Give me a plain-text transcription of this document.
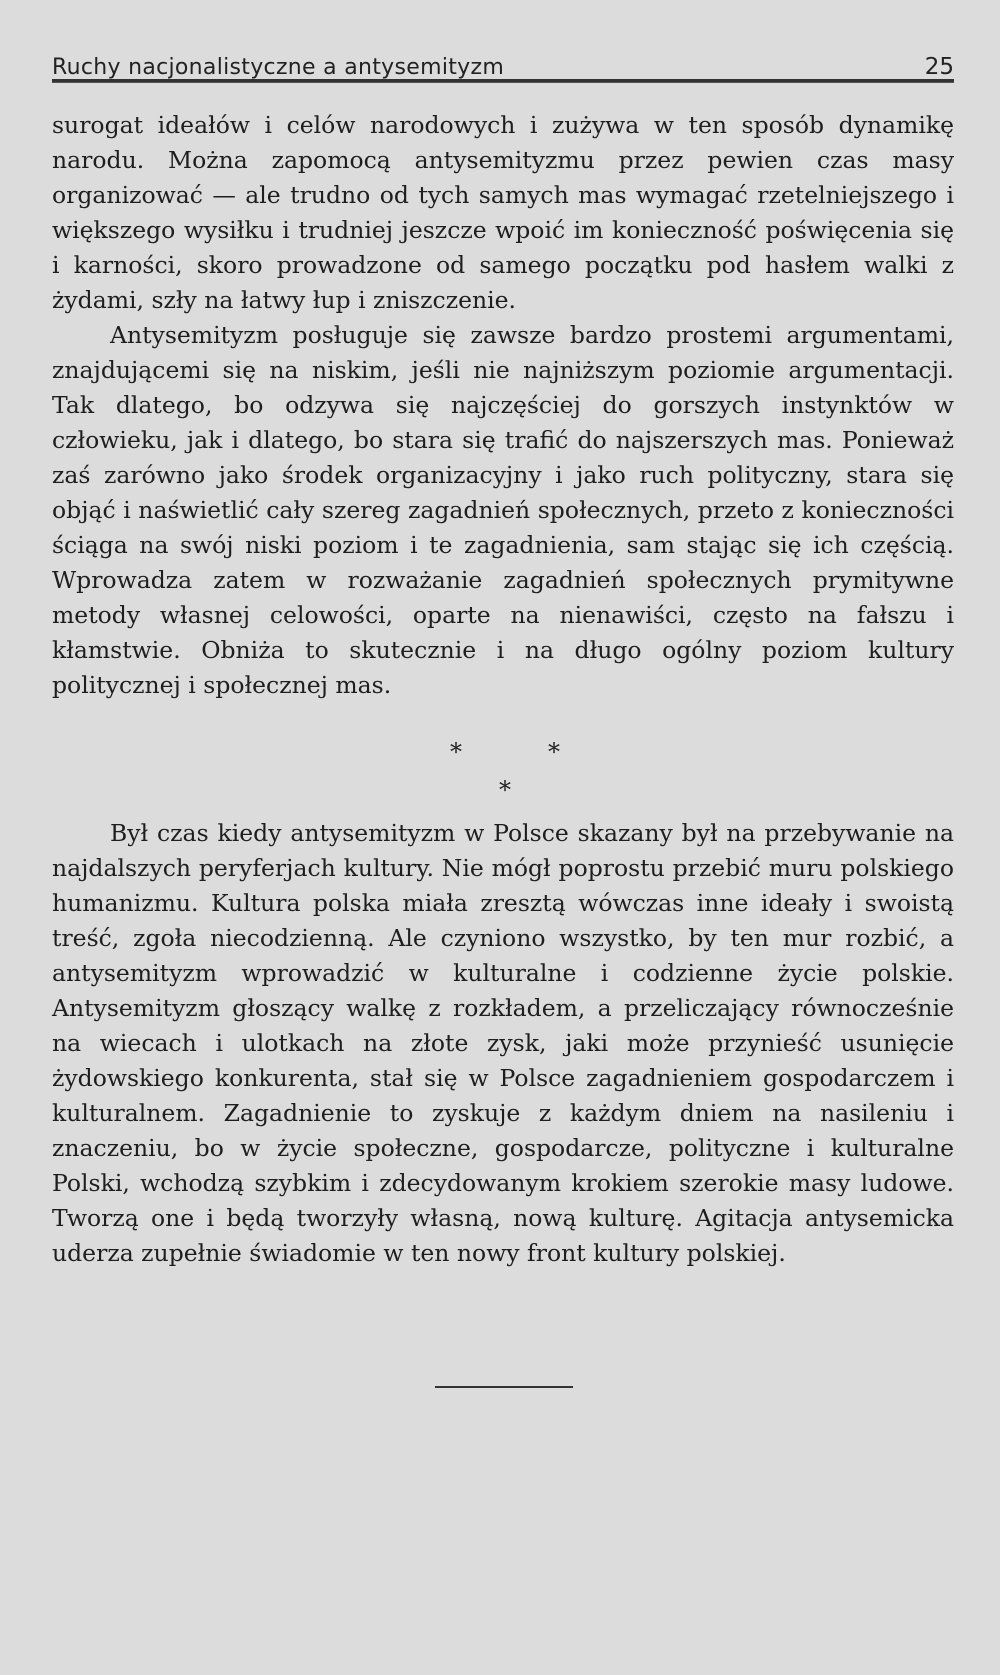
Ruchy nacjonalistyczne a antysemityzm	25

surogat ideałów i celów narodowych i zużywa w ten sposób dynamikę narodu. Można zapomocą antysemityzmu przez pewien czas masy organizować — ale trudno od tych samych mas wymagać rzetelniejszego i większego wysiłku i trudniej jeszcze wpoić im konieczność poświęcenia się i karności, skoro prowadzone od samego początku pod hasłem walki z żydami, szły na łatwy łup i zniszczenie.

Antysemityzm posługuje się zawsze bardzo prostemi argumentami, znajdującemi się na niskim, jeśli nie najniższym poziomie argumentacji. Tak dlatego, bo odzywa się najczęściej do gorszych instynktów w człowieku, jak i dlatego, bo stara się trafić do najszerszych mas. Ponieważ zaś zarówno jako środek organizacyjny i jako ruch polityczny, stara się objąć i naświetlić cały szereg zagadnień społecznych, przeto z konieczności ściąga na swój niski poziom i te zagadnienia, sam stając się ich częścią. Wprowadza zatem w rozważanie zagadnień społecznych prymitywne metody własnej celowości, oparte na nienawiści, często na fałszu i kłamstwie. Obniża to skutecznie i na długo ogólny poziom kultury politycznej i społecznej mas.

*	*
*

Był czas kiedy antysemityzm w Polsce skazany był na przebywanie na najdalszych peryferjach kultury. Nie mógł poprostu przebić muru polskiego humanizmu. Kultura polska miała zresztą wówczas inne ideały i swoistą treść, zgoła niecodzienną. Ale czyniono wszystko, by ten mur rozbić, a antysemityzm wprowadzić w kulturalne i codzienne życie polskie. Antysemityzm głoszący walkę z rozkładem, a przeliczający równocześnie na wiecach i ulotkach na złote zysk, jaki może przynieść usunięcie żydowskiego konkurenta, stał się w Polsce zagadnieniem gospodarczem i kulturalnem. Zagadnienie to zyskuje z każdym dniem na nasileniu i znaczeniu, bo w życie społeczne, gospodarcze, polityczne i kulturalne Polski, wchodzą szybkim i zdecydowanym krokiem szerokie masy ludowe. Tworzą one i będą tworzyły własną, nową kulturę. Agitacja antysemicka uderza zupełnie świadomie w ten nowy front kultury polskiej.
